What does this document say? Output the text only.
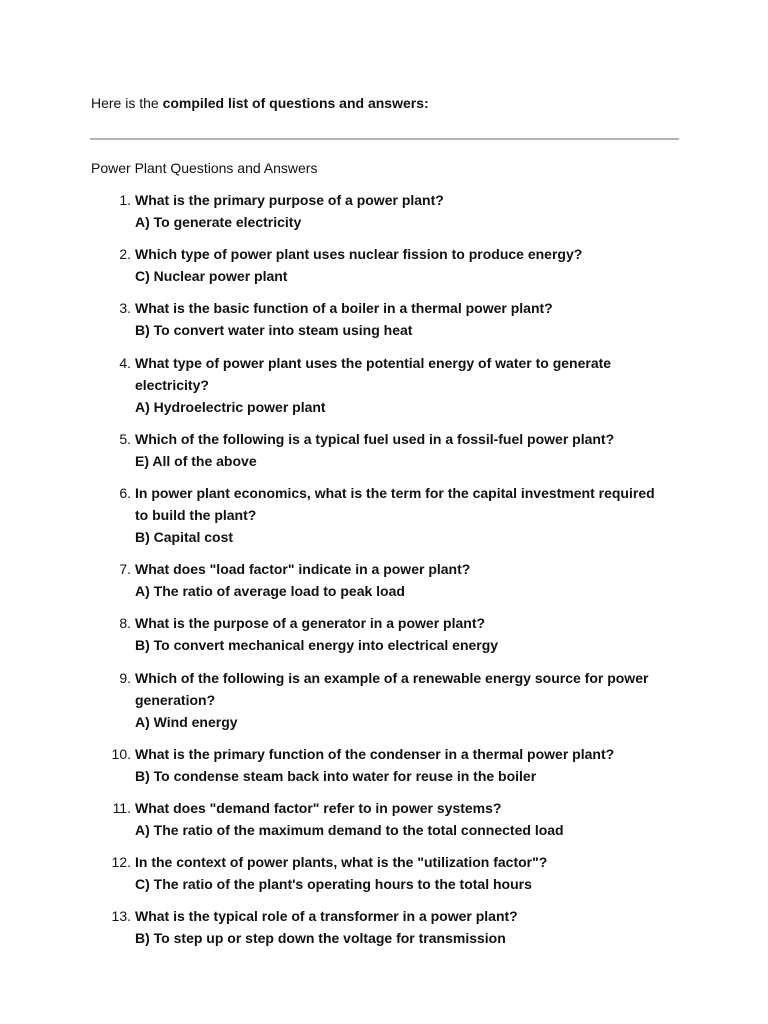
Here is the compiled list of questions and answers:

Power Plant Questions and Answers
1. What is the primary purpose of a power plant?
A) To generate electricity
2. Which type of power plant uses nuclear fission to produce energy?
C) Nuclear power plant
3. What is the basic function of a boiler in a thermal power plant?
B) To convert water into steam using heat
4. What type of power plant uses the potential energy of water to generate electricity?
A) Hydroelectric power plant
5. Which of the following is a typical fuel used in a fossil-fuel power plant?
E) All of the above
6. In power plant economics, what is the term for the capital investment required to build the plant?
B) Capital cost
7. What does "load factor" indicate in a power plant?
A) The ratio of average load to peak load
8. What is the purpose of a generator in a power plant?
B) To convert mechanical energy into electrical energy
9. Which of the following is an example of a renewable energy source for power generation?
A) Wind energy
10. What is the primary function of the condenser in a thermal power plant?
B) To condense steam back into water for reuse in the boiler
11. What does "demand factor" refer to in power systems?
A) The ratio of the maximum demand to the total connected load
12. In the context of power plants, what is the "utilization factor"?
C) The ratio of the plant's operating hours to the total hours
13. What is the typical role of a transformer in a power plant?
B) To step up or step down the voltage for transmission
